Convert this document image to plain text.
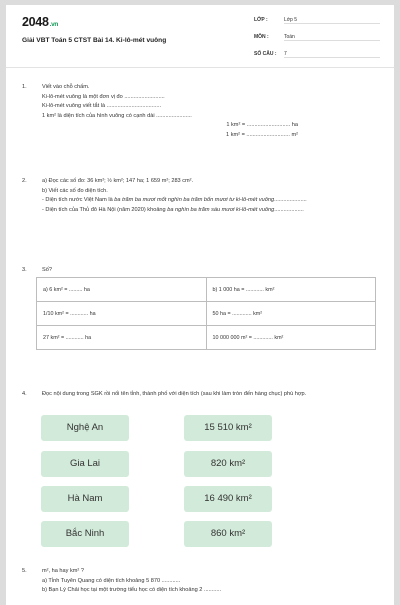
2048.vn
Giải VBT Toán 5 CTST Bài 14. Ki-lô-mét vuông
LỚP :	Lớp 5
MÔN :	Toán
SỐ CÂU : 7
1.	Viết vào chỗ chấm.

Ki-lô-mét vuông là một đơn vị đo ..........................

Ki-lô-mét vuông viết tắt là ...................................

1 km² là diện tích của hình vuông có cạnh dài .......................

1 km² = ............................ ha

1 km² = ............................ m²

2.	a) Đọc các số đo: 36 km²; ½ km²; 147 ha; 1 659 m²; 283 cm².

b) Viết các số đo diện tích.

- Diện tích nước Việt Nam là ba trăm ba mươi mốt nghìn ba trăm bốn mươi tư ki-lô-mét vuông.....................

- Diện tích của Thủ đô Hà Nội (năm 2020) khoảng ba nghìn ba trăm sáu mươi ki-lô-mét vuông...................

3.	Số?

a) 6 km² = ......... ha	b) 1 000 ha = ............ km²
1/10 km² = ............ ha	50 ha = ............. km²
27 km² = ............ ha	10 000 000 m² = ............. km²
4.	Đọc nội dung trong SGK rồi nối tên tỉnh, thành phố với diện tích (sau khi làm tròn đến hàng chục) phù hợp.

Nghệ An
Gia Lai
Hà Nam
Bắc Ninh
15 510 km²
820 km²
16 490 km²
860 km²
5.	m², ha hay km² ?

a) Tỉnh Tuyên Quang có diện tích khoảng 5 870 ............

b) Bạn Lý Chải học tại một trường tiểu học có diện tích khoảng 2 ...........
